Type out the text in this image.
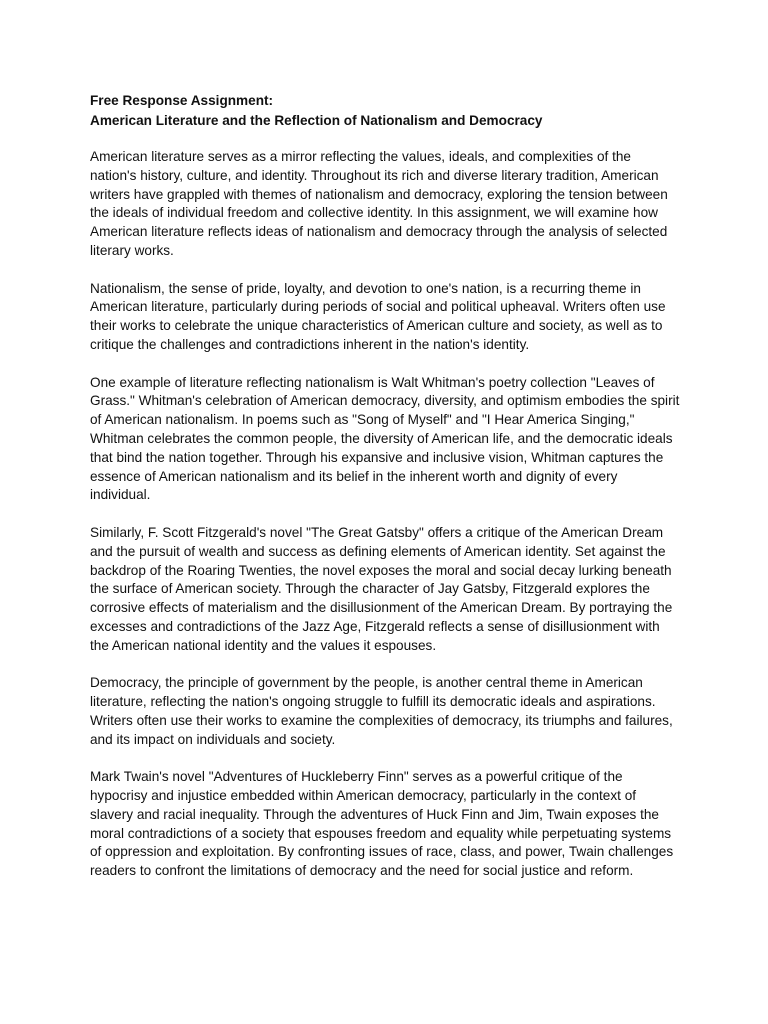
Free Response Assignment:

American Literature and the Reflection of Nationalism and Democracy

American literature serves as a mirror reflecting the values, ideals, and complexities of the nation's history, culture, and identity. Throughout its rich and diverse literary tradition, American writers have grappled with themes of nationalism and democracy, exploring the tension between the ideals of individual freedom and collective identity. In this assignment, we will examine how American literature reflects ideas of nationalism and democracy through the analysis of selected literary works.

Nationalism, the sense of pride, loyalty, and devotion to one's nation, is a recurring theme in American literature, particularly during periods of social and political upheaval. Writers often use their works to celebrate the unique characteristics of American culture and society, as well as to critique the challenges and contradictions inherent in the nation's identity.

One example of literature reflecting nationalism is Walt Whitman's poetry collection "Leaves of Grass." Whitman's celebration of American democracy, diversity, and optimism embodies the spirit of American nationalism. In poems such as "Song of Myself" and "I Hear America Singing," Whitman celebrates the common people, the diversity of American life, and the democratic ideals that bind the nation together. Through his expansive and inclusive vision, Whitman captures the essence of American nationalism and its belief in the inherent worth and dignity of every individual.

Similarly, F. Scott Fitzgerald's novel "The Great Gatsby" offers a critique of the American Dream and the pursuit of wealth and success as defining elements of American identity. Set against the backdrop of the Roaring Twenties, the novel exposes the moral and social decay lurking beneath the surface of American society. Through the character of Jay Gatsby, Fitzgerald explores the corrosive effects of materialism and the disillusionment of the American Dream. By portraying the excesses and contradictions of the Jazz Age, Fitzgerald reflects a sense of disillusionment with the American national identity and the values it espouses.

Democracy, the principle of government by the people, is another central theme in American literature, reflecting the nation's ongoing struggle to fulfill its democratic ideals and aspirations. Writers often use their works to examine the complexities of democracy, its triumphs and failures, and its impact on individuals and society.

Mark Twain's novel "Adventures of Huckleberry Finn" serves as a powerful critique of the hypocrisy and injustice embedded within American democracy, particularly in the context of slavery and racial inequality. Through the adventures of Huck Finn and Jim, Twain exposes the moral contradictions of a society that espouses freedom and equality while perpetuating systems of oppression and exploitation. By confronting issues of race, class, and power, Twain challenges readers to confront the limitations of democracy and the need for social justice and reform.
